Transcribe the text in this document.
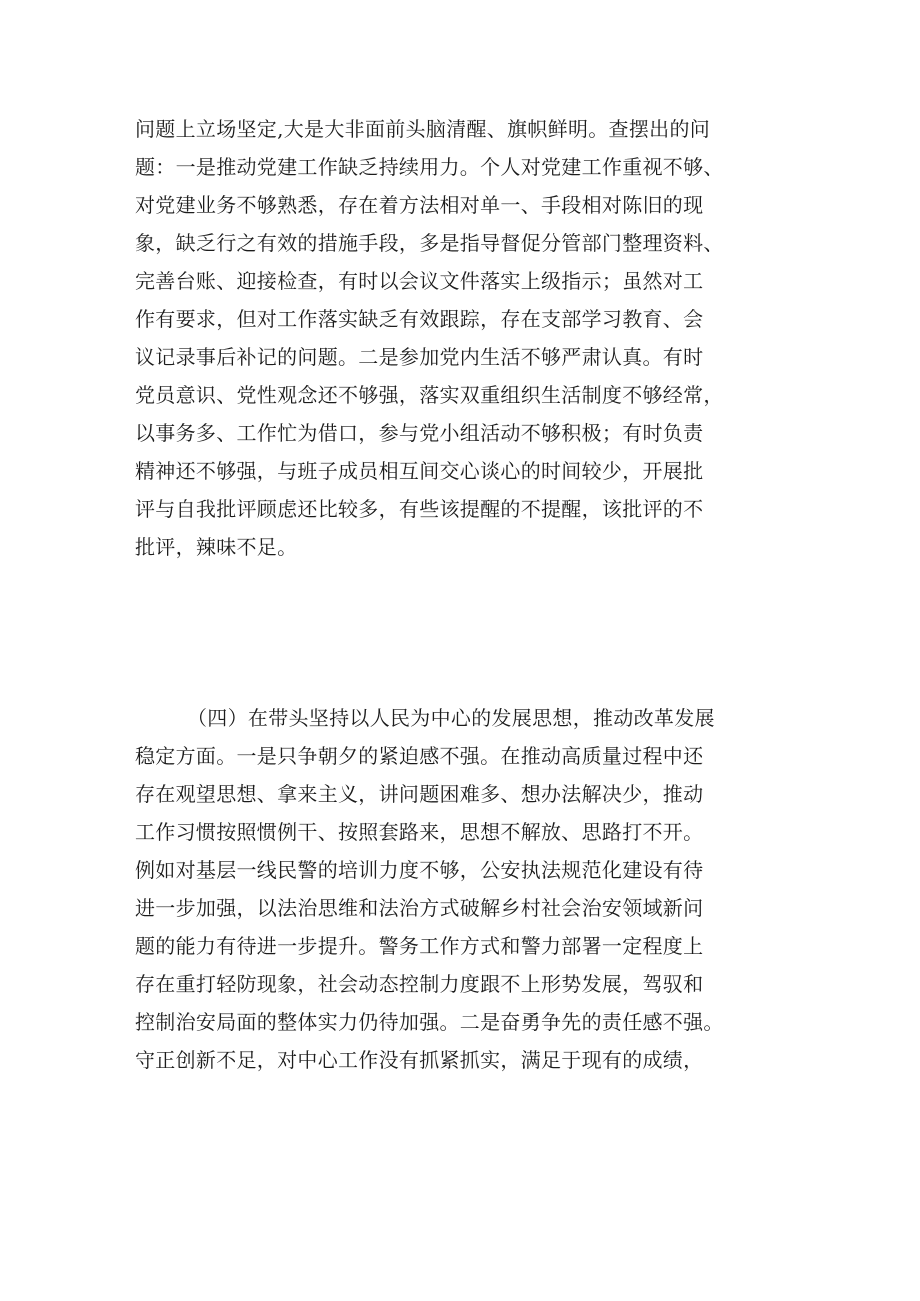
问题上立场坚定,大是大非面前头脑清醒、旗帜鲜明。查摆出的问
题：一是推动党建工作缺乏持续用力。个人对党建工作重视不够、
对党建业务不够熟悉，存在着方法相对单一、手段相对陈旧的现
象，缺乏行之有效的措施手段，多是指导督促分管部门整理资料、
完善台账、迎接检查，有时以会议文件落实上级指示；虽然对工
作有要求，但对工作落实缺乏有效跟踪，存在支部学习教育、会
议记录事后补记的问题。二是参加党内生活不够严肃认真。有时
党员意识、党性观念还不够强，落实双重组织生活制度不够经常，
以事务多、工作忙为借口，参与党小组活动不够积极；有时负责
精神还不够强，与班子成员相互间交心谈心的时间较少，开展批
评与自我批评顾虑还比较多，有些该提醒的不提醒，该批评的不
批评，辣味不足。
（四）在带头坚持以人民为中心的发展思想，推动改革发展
稳定方面。一是只争朝夕的紧迫感不强。在推动高质量过程中还
存在观望思想、拿来主义，讲问题困难多、想办法解决少，推动
工作习惯按照惯例干、按照套路来，思想不解放、思路打不开。
例如对基层一线民警的培训力度不够，公安执法规范化建设有待
进一步加强，以法治思维和法治方式破解乡村社会治安领域新问
题的能力有待进一步提升。警务工作方式和警力部署一定程度上
存在重打轻防现象，社会动态控制力度跟不上形势发展，驾驭和
控制治安局面的整体实力仍待加强。二是奋勇争先的责任感不强。
守正创新不足，对中心工作没有抓紧抓实，满足于现有的成绩，
